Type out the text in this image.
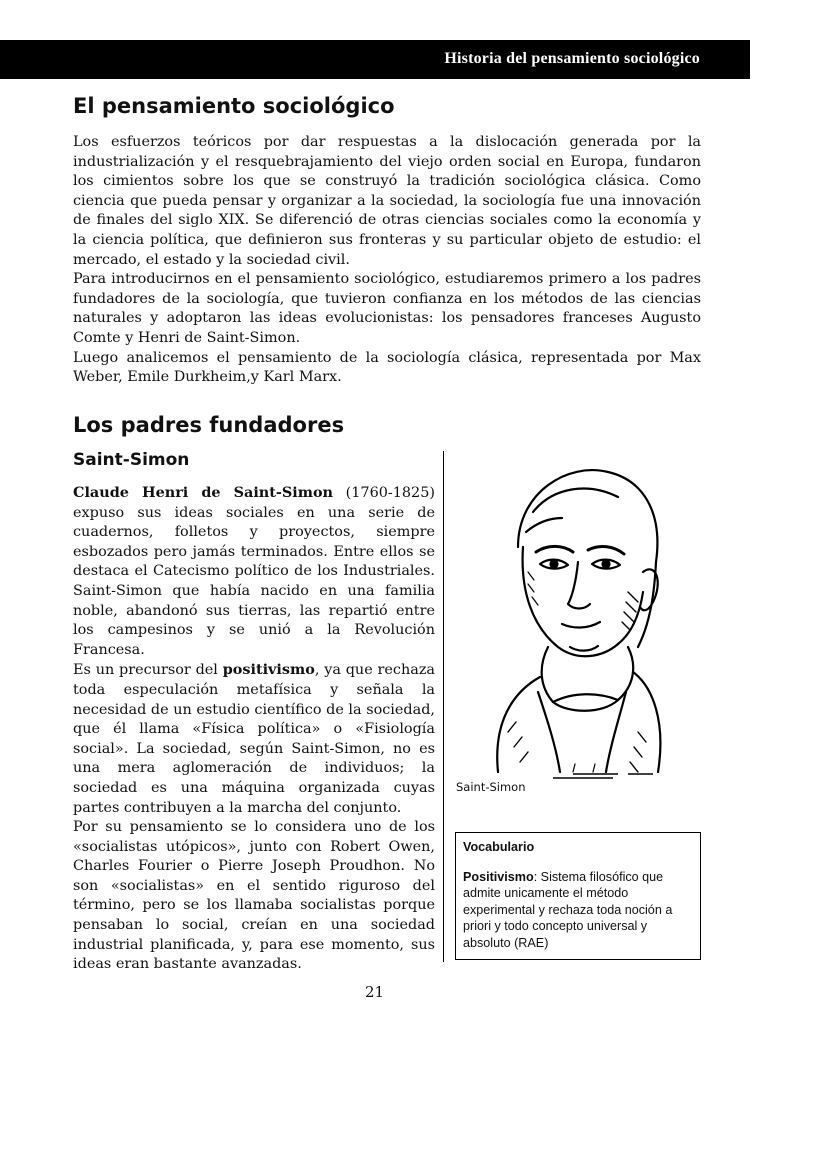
Historia del pensamiento sociológico
El pensamiento sociológico

Los esfuerzos teóricos por dar respuestas a la dislocación generada por la industrialización y el resquebrajamiento del viejo orden social en Europa, fundaron los cimientos sobre los que se construyó la tradición sociológica clásica. Como ciencia que pueda pensar y organizar a la sociedad, la sociología fue una innovación de finales del siglo XIX. Se diferenció de otras ciencias sociales como la economía y la ciencia política, que definieron sus fronteras y su particular objeto de estudio: el mercado, el estado y la sociedad civil.

Para introducirnos en el pensamiento sociológico, estudiaremos primero a los padres fundadores de la sociología, que tuvieron confianza en los métodos de las ciencias naturales y adoptaron las ideas evolucionistas: los pensadores franceses Augusto Comte y Henri de Saint-Simon.

Luego analicemos el pensamiento de la sociología clásica, representada por Max Weber, Emile Durkheim,y Karl Marx.

Los padres fundadores
Saint-Simon

Claude Henri de Saint-Simon (1760-1825) expuso sus ideas sociales en una serie de cuadernos, folletos y proyectos, siempre esbozados pero jamás terminados. Entre ellos se destaca el Catecismo político de los Industriales. Saint-Simon que había nacido en una familia noble, abandonó sus tierras, las repartió entre los campesinos y se unió a la Revolución Francesa.

Es un precursor del positivismo, ya que rechaza toda especulación metafísica y señala la necesidad de un estudio científico de la sociedad, que él llama «Física política» o «Fisiología social». La sociedad, según Saint-Simon, no es una mera aglomeración de individuos; la sociedad es una máquina organizada cuyas partes contribuyen a la marcha del conjunto.

Por su pensamiento se lo considera uno de los «socialistas utópicos», junto con Robert Owen, Charles Fourier o Pierre Joseph Proudhon. No son «socialistas» en el sentido riguroso del término, pero se los llamaba socialistas porque pensaban lo social, creían en una sociedad industrial planificada, y, para ese momento, sus ideas eran bastante avanzadas.

Saint-Simon
Vocabulario
Positivismo: Sistema filosófico que admite unicamente el método experimental y rechaza toda noción a priori y todo concepto universal y absoluto (RAE)
21
